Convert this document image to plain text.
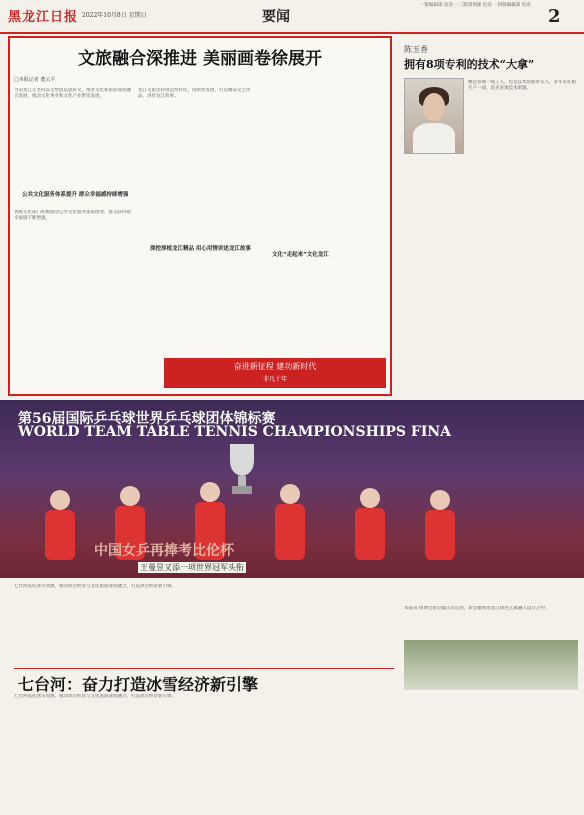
黑龙江日报 2022年10月8日 星期日	要闻
一版编辑部 电话 一二版策划部 电话 一四版编辑部 电话
2
文旅融合深推进 美丽画卷徐展开
□本报记者 董云平
当前龙江正坚持以文塑旅以旅彰文，推进文化和旅游深度融合发展，推动文化事业和文化产业繁荣发展。
公共文化服务体系提升 群众幸福感持续增强
各级文化部门积极推动公共文化服务提质增效，群众获得感幸福感不断增强。
龙江文旅坚持创造性转化，创新性发展，打造精品文艺作品，讲好龙江故事。
深挖厚植龙江精品 用心用情讲述龙江故事
文化“走起来”文化龙江
奋进新征程 建功新时代
非凡十年
陈玉香
拥有8项专利的技术“大拿”
她是普通一线工人，也是技术创新带头人，多年来扎根生产一线，攻克多项技术难题。
本报讯 绿博会新会徽正式启用，新会徽将黑龙江绿色元素融入设计之中。
第56届国际乒乓球世界乒乓球团体锦标赛
WORLD TEAM TABLE TENNIS CHAMPIONSHIPS FINA
中国女乒再捧考比伦杯
王曼昱又添一项世界冠军头衔
七台河依托冰雪资源，推动冰雪经济与文化旅游深度融合，打造冰雪经济新引擎。
七台河：奋力打造冰雪经济新引擎
七台河依托冰雪资源，推动冰雪经济与文化旅游深度融合，打造冰雪经济新引擎。
